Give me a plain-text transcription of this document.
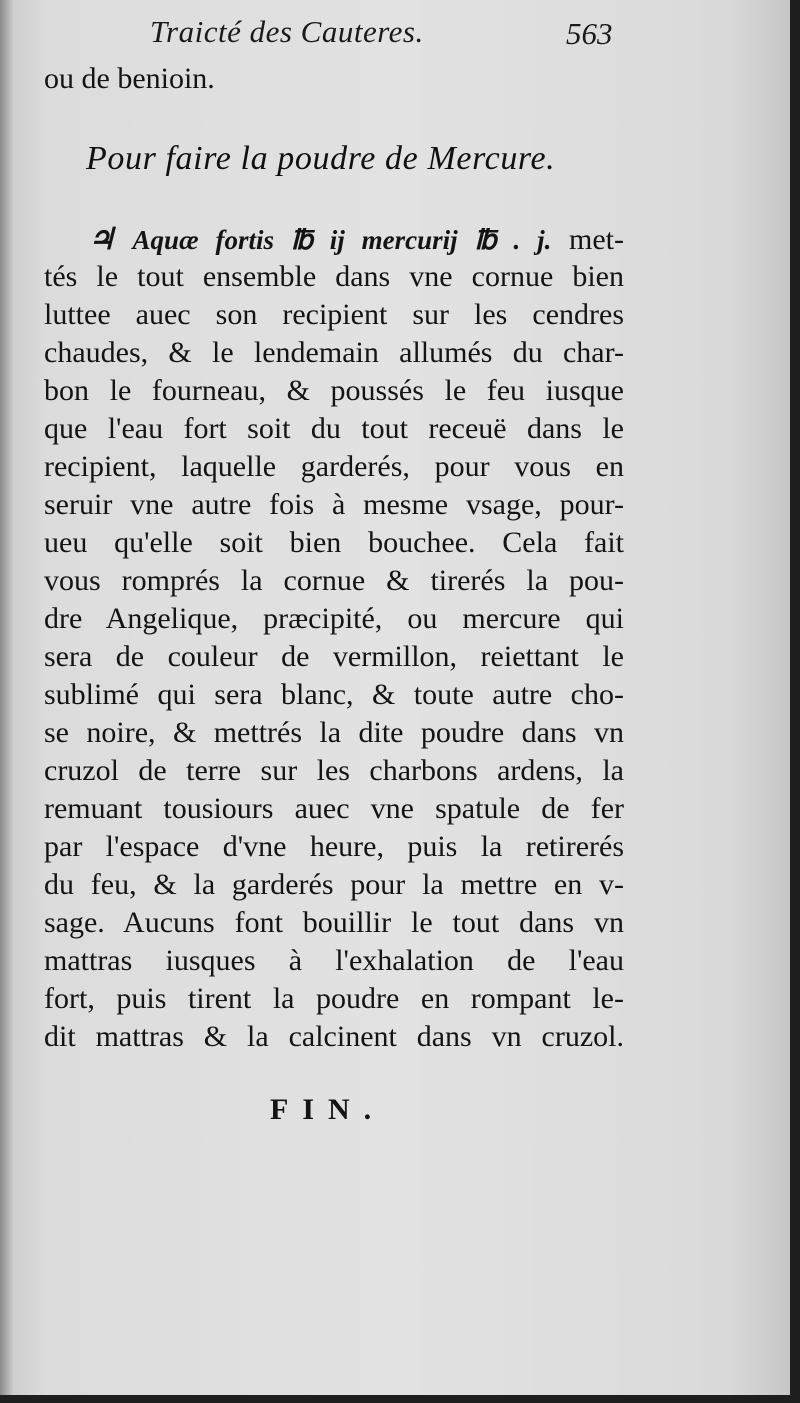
Traicté des Cauteres.	563
ou de benioin.
Pour faire la poudre de Mercure.
♃ Aquæ fortis ℔ ij mercurij ℔ . j. met-
tés le tout ensemble dans vne cornue bien
luttee auec son recipient sur les cendres
chaudes, & le lendemain allumés du char-
bon le fourneau, & poussés le feu iusque
que l'eau fort soit du tout receuë dans le
recipient, laquelle garderés, pour vous en
seruir vne autre fois à mesme vsage, pour-
ueu qu'elle soit bien bouchee. Cela fait
vous romprés la cornue & tirerés la pou-
dre Angelique, præcipité, ou mercure qui
sera de couleur de vermillon, reiettant le
sublimé qui sera blanc, & toute autre cho-
se noire, & mettrés la dite poudre dans vn
cruzol de terre sur les charbons ardens, la
remuant tousiours auec vne spatule de fer
par l'espace d'vne heure, puis la retirerés
du feu, & la garderés pour la mettre en v-
sage. Aucuns font bouillir le tout dans vn
mattras iusques à l'exhalation de l'eau
fort, puis tirent la poudre en rompant le-
dit mattras & la calcinent dans vn cruzol.
FIN.
